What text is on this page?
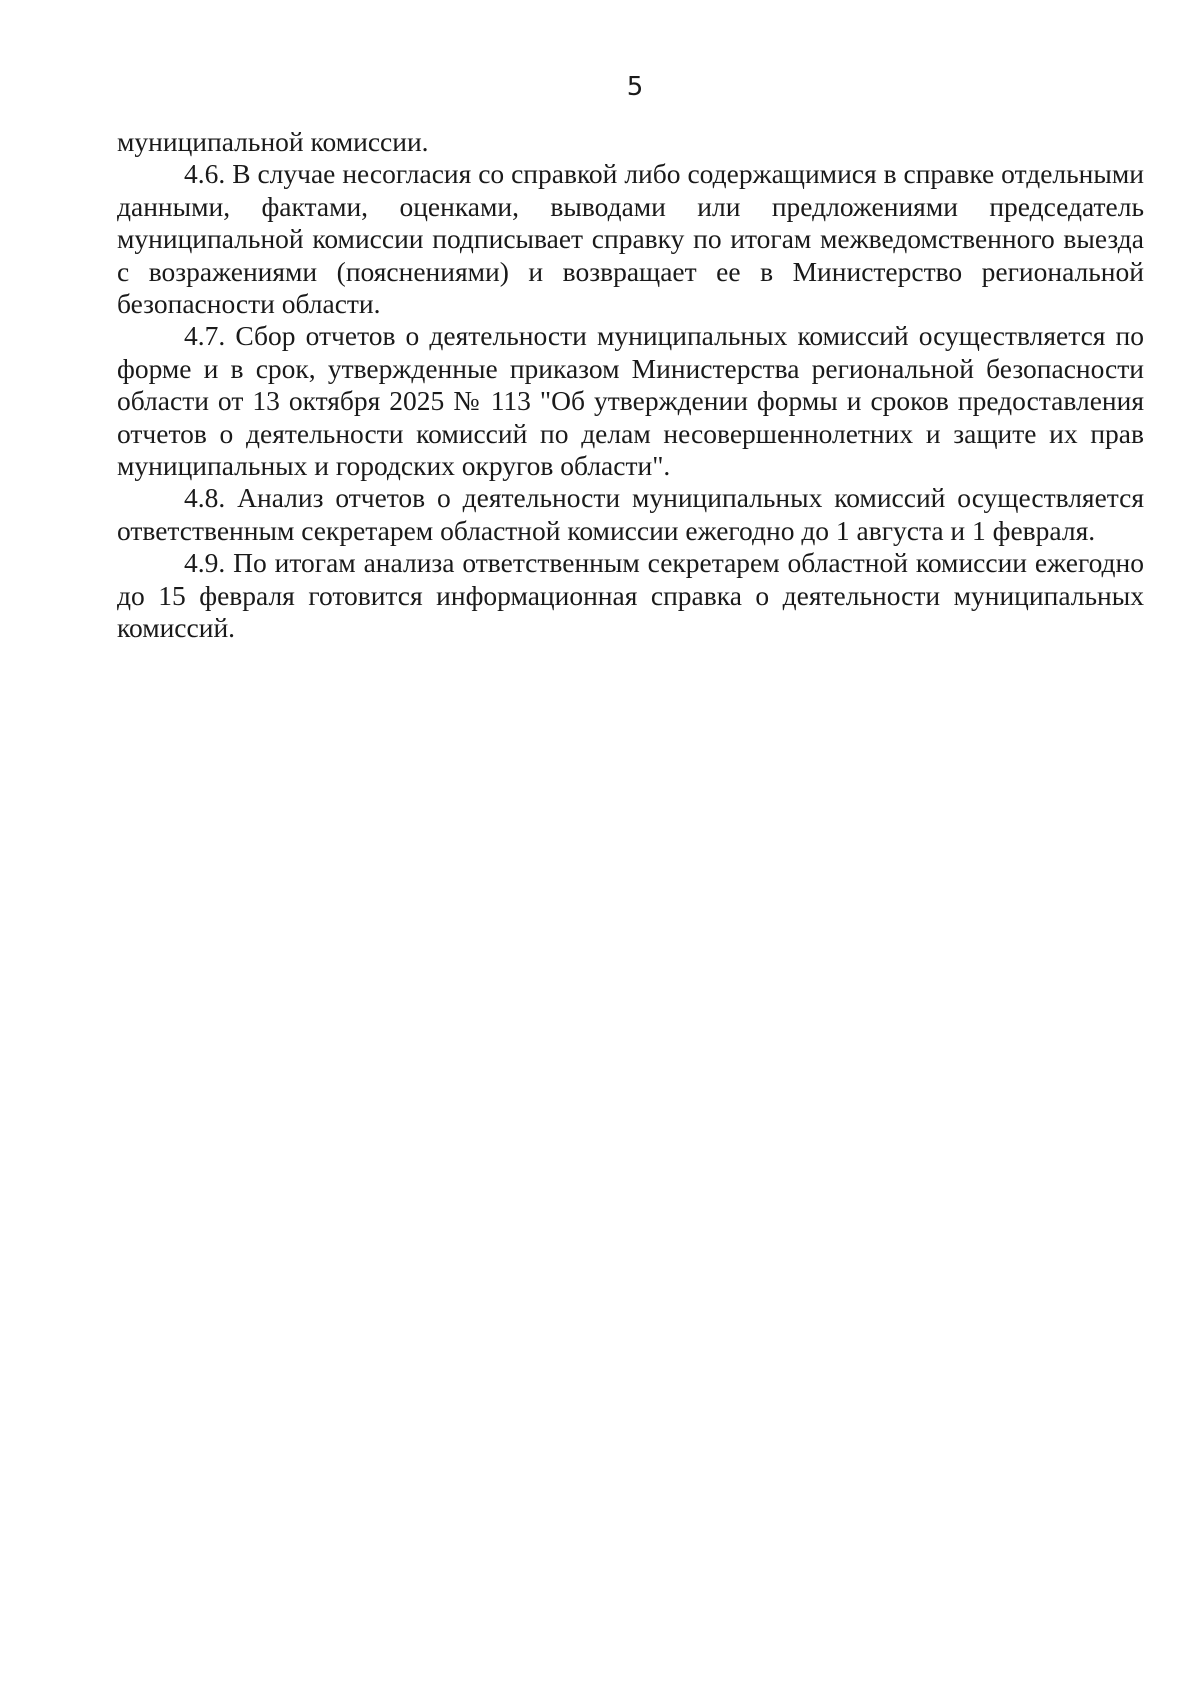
5

муниципальной комиссии.

4.6. В случае несогласия со справкой либо содержащимися в справке отдельными данными, фактами, оценками, выводами или предложениями председатель муниципальной комиссии подписывает справку по итогам межведомственного выезда с возражениями (пояснениями) и возвращает ее в Министерство региональной безопасности области.

4.7. Сбор отчетов о деятельности муниципальных комиссий осуществляется по форме и в срок, утвержденные приказом Министерства региональной безопасности области от 13 октября 2025 № 113 "Об утверждении формы и сроков предоставления отчетов о деятельности комиссий по делам несовершеннолетних и защите их прав муниципальных и городских округов области".

4.8. Анализ отчетов о деятельности муниципальных комиссий осуществляется ответственным секретарем областной комиссии ежегодно до 1 августа и 1 февраля.

4.9. По итогам анализа ответственным секретарем областной комиссии ежегодно до 15 февраля готовится информационная справка о деятельности муниципальных комиссий.
